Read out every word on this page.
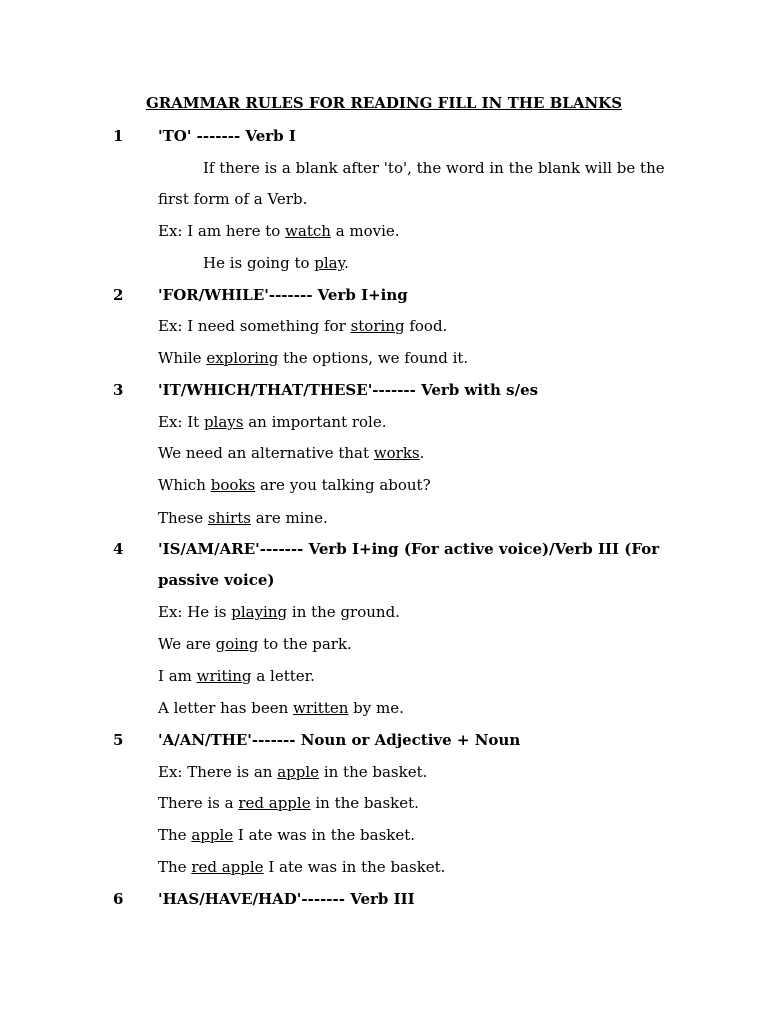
GRAMMAR RULES FOR READING FILL IN THE BLANKS
1 'TO' ------- Verb I
If there is a blank after 'to', the word in the blank will be the
first form of a Verb.
Ex: I am here to watch a movie.
He is going to play.
2 'FOR/WHILE'------- Verb I+ing
Ex: I need something for storing food.
While exploring the options, we found it.
3 'IT/WHICH/THAT/THESE'------- Verb with s/es
Ex: It plays an important role.
We need an alternative that works.
Which books are you talking about?
These shirts are mine.
4 'IS/AM/ARE'------- Verb I+ing (For active voice)/Verb III (For
passive voice)
Ex: He is playing in the ground.
We are going to the park.
I am writing a letter.
A letter has been written by me.
5 'A/AN/THE'------- Noun or Adjective + Noun
Ex: There is an apple in the basket.
There is a red apple in the basket.
The apple I ate was in the basket.
The red apple I ate was in the basket.
6 'HAS/HAVE/HAD'------- Verb III
